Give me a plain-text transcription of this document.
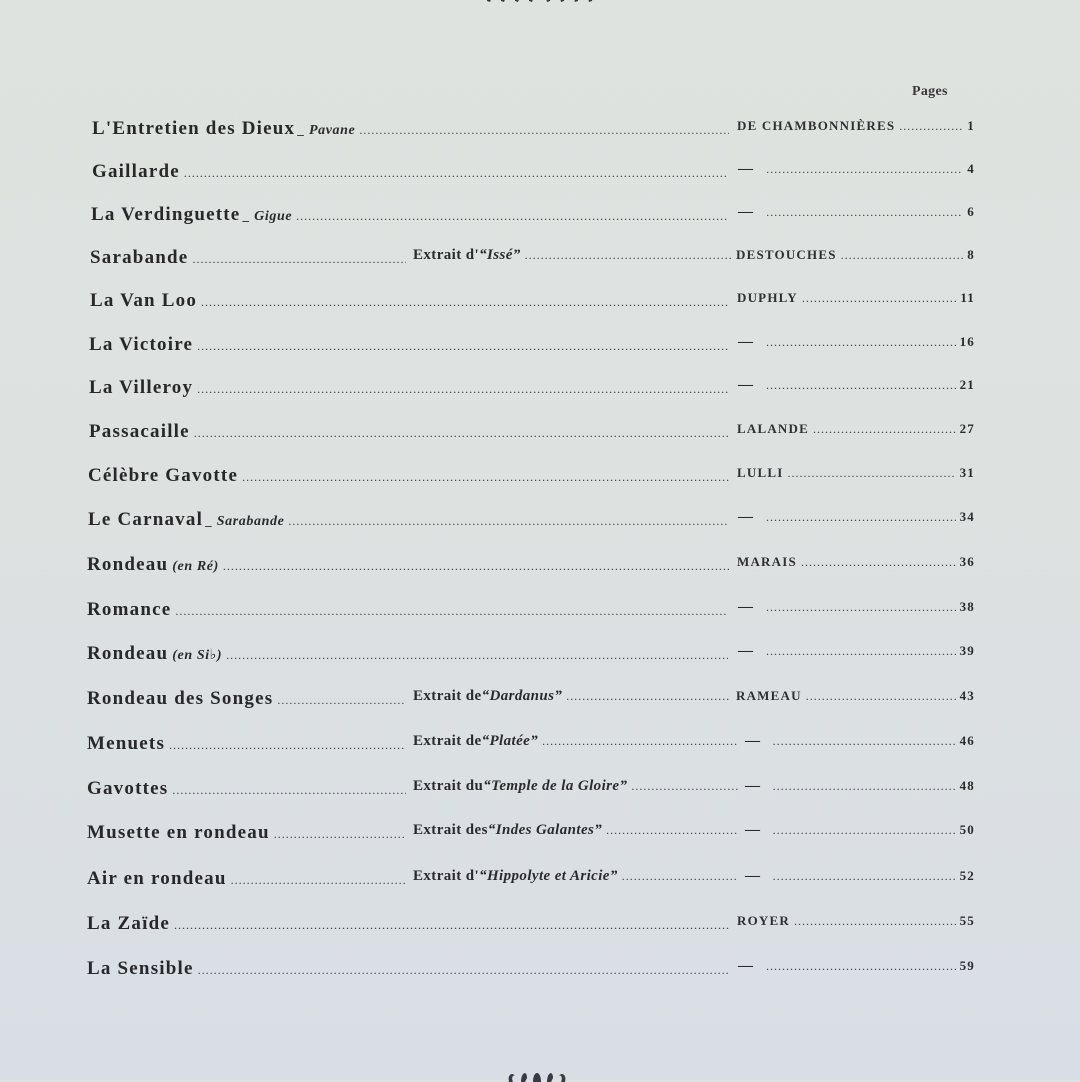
Pages
L'Entretien des Dieux _ Pavane .....	DE CHAMBONNIÈRES .....	1
Gaillarde .....	— .....	4
La Verdinguette _ Gigue .....	— .....	6
Sarabande .....	Extrait d'“Issé” .....	DESTOUCHES .....	8
La Van Loo .....	DUPHLY .....	11
La Victoire .....	— .....	16
La Villeroy .....	— .....	21
Passacaille .....	LALANDE .....	27
Célèbre Gavotte .....	LULLI .....	31
Le Carnaval _ Sarabande .....	— .....	34
Rondeau (en Ré) .....	MARAIS .....	36
Romance .....	— .....	38
Rondeau (en Si♭) .....	— .....	39
Rondeau des Songes .....	Extrait de“Dardanus” .....	RAMEAU .....	43
Menuets .....	Extrait de“Platée” .....	— .....	46
Gavottes .....	Extrait du“Temple de la Gloire” .....	— .....	48
Musette en rondeau .....	Extrait des“Indes Galantes” .....	— .....	50
Air en rondeau .....	Extrait d'“Hippolyte et Aricie” .....	— .....	52
La Zaïde .....	ROYER .....	55
La Sensible .....	— .....	59
